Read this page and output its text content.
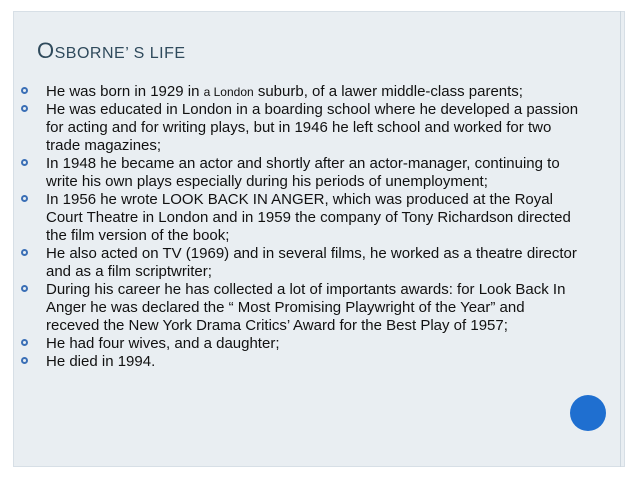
OSBORNE’ S LIFE
He was born in 1929 in a London suburb, of a lawer middle-class parents;
He was educated in London in a boarding school where he developed a passion for acting and for writing plays, but in 1946 he left school and worked for two trade magazines;
In 1948 he became an actor and shortly after an actor-manager, continuing to write his own plays especially during his periods of unemployment;
In 1956 he wrote LOOK BACK IN ANGER, which was produced at the Royal Court Theatre in London and in 1959 the company of Tony Richardson directed the film version of the book;
He also acted on TV (1969) and in several films, he worked as a theatre director and as a film scriptwriter;
During his career he has collected a lot of importants awards: for Look Back In Anger he was declared the “ Most Promising Playwright of the Year” and receved the New York Drama Critics’ Award for the Best Play of 1957;
He had four wives, and a daughter;
He died in 1994.
